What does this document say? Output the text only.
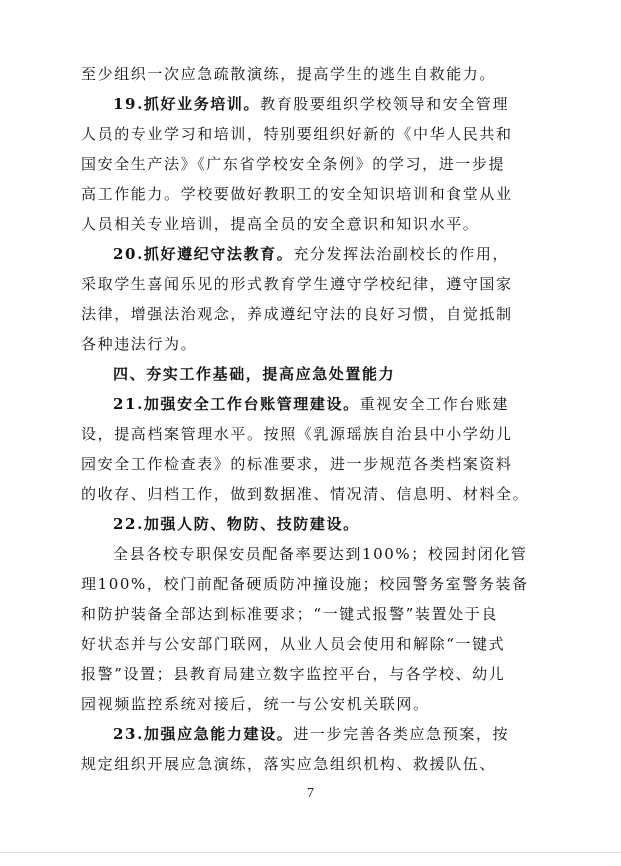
至少组织一次应急疏散演练，提高学生的逃生自救能力。
19.抓好业务培训。教育股要组织学校领导和安全管理
人员的专业学习和培训，特别要组织好新的《中华人民共和
国安全生产法》《广东省学校安全条例》的学习，进一步提
高工作能力。学校要做好教职工的安全知识培训和食堂从业
人员相关专业培训，提高全员的安全意识和知识水平。
20.抓好遵纪守法教育。充分发挥法治副校长的作用，
采取学生喜闻乐见的形式教育学生遵守学校纪律，遵守国家
法律，增强法治观念，养成遵纪守法的良好习惯，自觉抵制
各种违法行为。
四、夯实工作基础，提高应急处置能力
21.加强安全工作台账管理建设。重视安全工作台账建
设，提高档案管理水平。按照《乳源瑶族自治县中小学幼儿
园安全工作检查表》的标准要求，进一步规范各类档案资料
的收存、归档工作，做到数据准、情况清、信息明、材料全。
22.加强人防、物防、技防建设。
全县各校专职保安员配备率要达到100%；校园封闭化管
理100%，校门前配备硬质防冲撞设施；校园警务室警务装备
和防护装备全部达到标准要求；“一键式报警”装置处于良
好状态并与公安部门联网，从业人员会使用和解除“一键式
报警”设置；县教育局建立数字监控平台，与各学校、幼儿
园视频监控系统对接后，统一与公安机关联网。
23.加强应急能力建设。进一步完善各类应急预案，按
规定组织开展应急演练，落实应急组织机构、救援队伍、
7
